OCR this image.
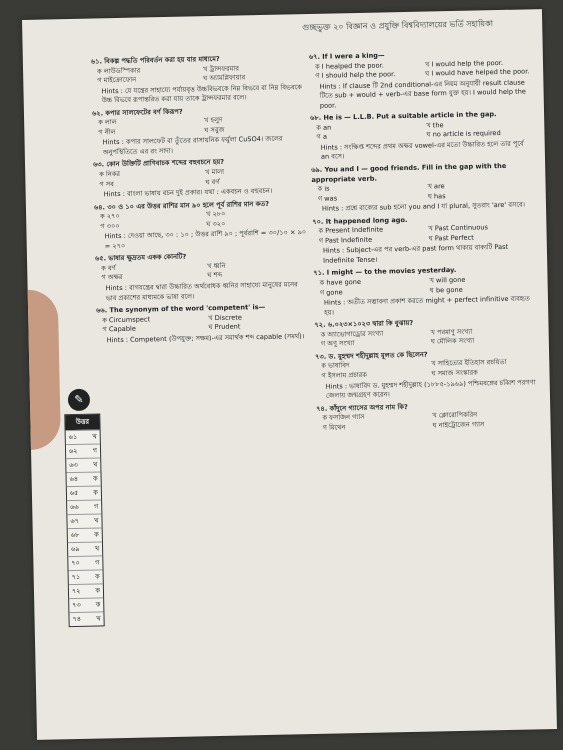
গুচ্ছভুক্ত ২০ বিজ্ঞান ও প্রযুক্তি বিশ্ববিদ্যালয়ের ভর্তি সহায়িকা
৬১. বিকল্প পদ্ধতি পরিবর্তন করা হয় যার মাধ্যমে?
ক লাউডস্পিকার	খ ট্রান্সফরমার
গ মাইক্রোফোন	ঘ অ্যামপ্লিফায়ার
Hints : যে যন্ত্রের সাহায্যে পর্যায়বৃত্ত উচ্চবিভবকে নিম্ন বিভবে বা নিম্ন বিভবকে উচ্চ বিভবে রূপান্তরিত করা যায় তাকে ট্রান্সফরমার বলে।
৬২. কপার সালফেটের বর্ণ কিরূপ?
ক লাল	খ হলুদ
গ নীল	ঘ সবুজ
Hints : কপার সালফেট বা তুঁতের রাসায়নিক ফর্মুলা CuSO4। জলের অনুপস্থিতিতে এর রং সাদা।
৬৩. কোন উক্তিটি প্রাণিবাচক শব্দের বহুবচনে হয়?
ক নিকর	খ মালা
গ সব	ঘ বর্গ
Hints : বাংলা ভাষায় বচন দুই প্রকার। যথা : একবচন ও বহুবচন।
৬৪. ৩০ ও ১০ এর উত্তর রাশির মান ৯০ হলে পূর্ব রাশির মান কত?
ক ২৭০	খ ২৮০
গ ৩০০	ঘ ৩২০
Hints : দেওয়া আছে, ৩০ : ১০ ; উত্তর রাশি ৯০ ; পূর্বরাশি = ৩০/১০ × ৯০ = ২৭০
৬৫. ভাষার ক্ষুদ্রতম একক কোনটি?
ক বর্ণ	খ ধ্বনি
গ অক্ষর	ঘ শব্দ
Hints : বাগযন্ত্রের দ্বারা উচ্চারিত অর্থবোধক ধ্বনির সাহায্যে মানুষের মনের ভাব প্রকাশের মাধ্যমকে ভাষা বলে।
৬৬. The synonym of the word 'competent' is—
ক Circumspect	খ Discrete
গ Capable	ঘ Prudent
Hints : Competent (উপযুক্ত; সক্ষম)-এর সমার্থক শব্দ capable (সমর্থ)।
৬৭. If I were a king—
ক I healped the poor.	খ I would help the poor.
গ I should help the poor.	ঘ I would have helped the poor.
Hints : If clause টি 2nd conditional-এর নিয়ম অনুযায়ী result clause টিতে sub + would + verb-এর base form যুক্ত হয়। I would help the poor.
৬৮. He is — L.L.B. Put a suitable article in the gap.
ক an	খ the
গ a	ঘ no article is required
Hints : সংক্ষিপ্ত শব্দের প্রথম অক্ষর vowel-এর মতো উচ্চারিত হলে তার পূর্বে an বসে।
৬৯. You and I — good friends. Fill in the gap with the appropriate verb.
ক is	খ are
গ was	ঘ has
Hints : প্রশ্নে বাক্যের sub হলো you and I যা plural, সুতরাং 'are' বসবে।
৭০. It happened long ago.
ক Present Indefinite	খ Past Continuous
গ Past Indefinite	ঘ Past Perfect
Hints : Subject-এর পর verb-এর past form থাকায় বাক্যটি Past Indefinite Tense।
৭১. I might — to the movies yesterday.
ক have gone	খ will gone
গ gone	ঘ be gone
Hints : অতীত সম্ভাবনা প্রকাশ করতে might + perfect infinitive ব্যবহৃত হয়।
৭২. ৬.০২৩×১০২৩ দ্বারা কি বুঝায়?
ক অ্যাভোগাড্রোর সংখ্যা	খ পরমাণু সংখ্যা
গ অণু সংখ্যা	ঘ মৌলিক সংখ্যা
৭৩. ড. মুহম্মদ শহীদুল্লাহ মূলত কে ছিলেন?
ক ভাষাবিদ	খ সাহিত্যের ইতিহাস রচয়িতা
গ ইসলাম প্রচারক	ঘ সমাজ সংস্কারক
Hints : ভাষাবিদ ড. মুহম্মদ শহীদুল্লাহ (১৮৮৫-১৯৬৯) পশ্চিমবঙ্গের চব্বিশ পরগণা জেলায় জন্মগ্রহণ করেন।
৭৪. কাঁদুনে গ্যাসের অপর নাম কি?
ক ফসজিন গ্যাস	খ ক্লোরোপিকরিন
গ মিথেন	ঘ নাইট্রোজেন গ্যাস
✎
উত্তর
৬১ খ
৬২ গ
৬৩ খ
৬৪ ক
৬৫ ক
৬৬ গ
৬৭ খ
৬৮ ক
৬৯ খ
৭০ গ
৭১ ক
৭২ ক
৭৩ ক
৭৪ খ
